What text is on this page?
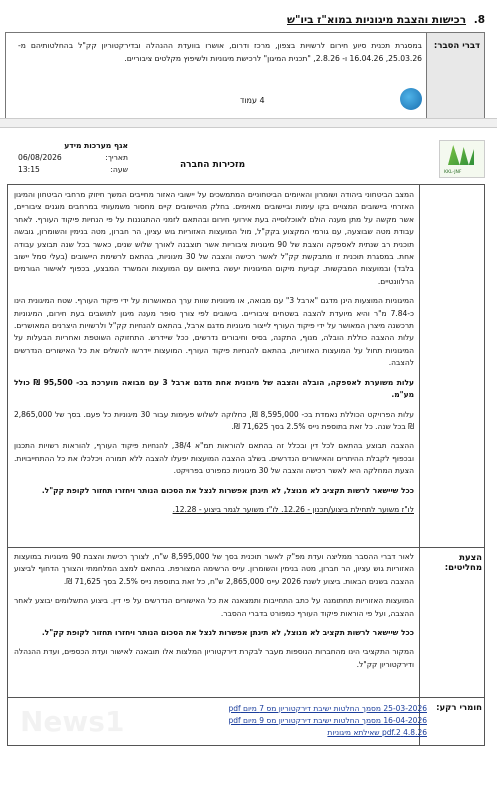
8. רכישות והצבת מיגוניות במוא"ז ביו"ש
דברי הסבר:
במסגרת תכנית סיוע חירום לרשויות בצפון, מרכז ודרום, אושרו בוועדת ההנהלה ובדירקטוריון קק"ל בהחלטותיהם מ- 25.03.26, 16.04.26 ו- 2.8.26, "תכנית המיגון" לרכישת מיגוניות ולשיפוץ מקלטים ציבוריים.
4 עמוד
KKL-JNF
מזכירות החברה
אגף מערכות מידע
תאריך:
06/08/2026
שעה:
13:15

המצב הביטחוני ביהודה ושומרון והאיומים הביטחוניים המתמשכים על יישובי האזור מחייבים המשך חיזוק מרחבי הביטחון והמיגון האזרחי ביישובים המצויים בקו עימות וביישובים מאוימים. בחלק מהיישובים קיים מחסור משמעותי במרחבים מוגנים ציבוריים, אשר מקשה על מתן מענה הולם לאוכלוסייה בעת אירועי חירום ובהתאם לזמני ההתגוננות על פי הנחיות פיקוד העורף. לאחר עבודת מטה שבוצעה, עם גורמי המקצוע בקק"ל, מול המועצות האזוריות גוש עציון, הר חברון, מטה בנימין והשומרון, גובשה תוכנית רב שנתית לאספקה והצבת של 90 מיגוניות ציבוריות אשר תוצבנה לאורך שלוש שנים, כאשר בכל שנה תבוצע עבודה אחת. במסגרת תוכנית זו מתבקשת קק"ל לאשר רכישה והצבה של 30 מיגוניות, בהתאם לרשימת היישובים (בעלי סמל יישוב בלבד) ובמועצות המבקשות. קביעת מיקום המיגוניות יעשה בתיאום עם המועצות והמשרד המבצע, בכפוף לאישור הגורמים הרלוונטיים.

המיגוניות המוצעות הינן מדגם "ארבל 3" עם מבואה, או מיגוניות שוות ערך המאושרות על ידי פיקוד העורף. שטח המיגונית הינו כ-7.84 מ"ר והיא מיועדת להצבה בשטחים ציבוריים. בישובים לפי צורך סופר מענה מיגון לתושבים בעת חירום, המיגוניות תרכשנה מיצרן המאושר על ידי פיקוד העורף לייצור מיגוניות מדגם ארבל, בהתאם להנחיות קק"ל ולרשויות היצרנים המאושרים. עלות ההצבה כוללת הובלה, מנוף, התקנה, בסיס וחיבורים נדרשים, ככל שיידרש. התחזוקה השוטפת ואחריות הבעלות על המיגוניות תחול על המועצות האזוריות, בהתאם להנחיות פיקוד העורף. המועצות יידרשו להשלים את כל האישורים הנדרשים להצבה.

עלות משוערת לאספקה, הובלה והצבה של מיגונית אחת מדגם ארבל 3 עם מבואה מוערכת בכ- 95,500 ₪ כולל מע"מ.

עלות הפרויקט הכוללת נאמדת בכ- 8,595,000 ₪, כחלוקה לשלוש פעימות עבור 30 מיגוניות כל פעם. בסך של 2,865,000 ₪ בכל שנה. כל זאת בתוספת נייס 2.5% בסך 71,625 ₪.

ההצבה תבוצע בהתאם לכל דין ובכלל זה בהתאם להוראות תמ"א 38/4, להנחיות פיקוד העורף, להוראות רשויות התכנון ובכפוף לקבלת ההיתרים והאישורים הנדרשים. בשלב ההצבה המועצות יפעלו להצבה ללא תמורה ויכלכלו את כל ההתחייבויות. הצעת המחלקה היא לאשר רכישה והצבה של 30 מיגוניות כמפורט בפרויקט.

ככל שיישאר לרשות תקציב לא מנוצל, לא תינתן אפשרות לנצל את הסכום הנותר ויחזרו תחזור לקופת קק"ל.

לו"ז משוער לתחילת ביצוע/תכנון - 12.26. לו"ז משוער לגמר ביצוע - 12.28.

הצעת מחליטים:

לאור דברי ההסבר ממליצה ועדת מפ"ק לאשר תוכנית בסך של 8,595,000 ש"ח, לצורך רכישת והצבת 90 מיגוניות במועצות האזוריות גוש עציון, הר חברון, מטה בנימין והשומרון. עייס הרשימה המצורפת. בהתאם למצב המלחמתי והצורך הדחוף לביצוע ההצבה בשנים הבאות. ביצוע לשנת 2026 עייס 2,865,000 ש"ח, כל זאת בתוספת נייס 2.5% בסך 71,625 ₪.

המועצות האזוריות תחתומנה על כתב התחייבות ותמצאנה את כל האישורים הנדרשים על פי דין. ביצוע התשלומים יבוצע לאחר ההצבה, ועל פי הוראות פיקוד העורף כמפורט בדברי ההסבר.

ככל שיישאר לרשות תקציב לא מנוצל, לא תינתן אפשרות לנצל את הסכום הנותר ויחזרו תחזור לקופת קק"ל.

המקור התקציבי הינו מהחברות הנוספות מעבר לבקרת דירקטוריון המלצות אלו תובאנה לאישור ועדת הכספים, ועדת ההנהלה ודירקטוריון קק"ל.

חומרי רקע:
25-03-2026 מסמך החלטות ישיבת דירקטוריון מס 7 מיום pdf
16-04-2026 מסמך החלטות ישיבת דירקטוריון מס 9 מיום pdf
4.8.26 pdf.2 שאילתא מיגוניות
News1
